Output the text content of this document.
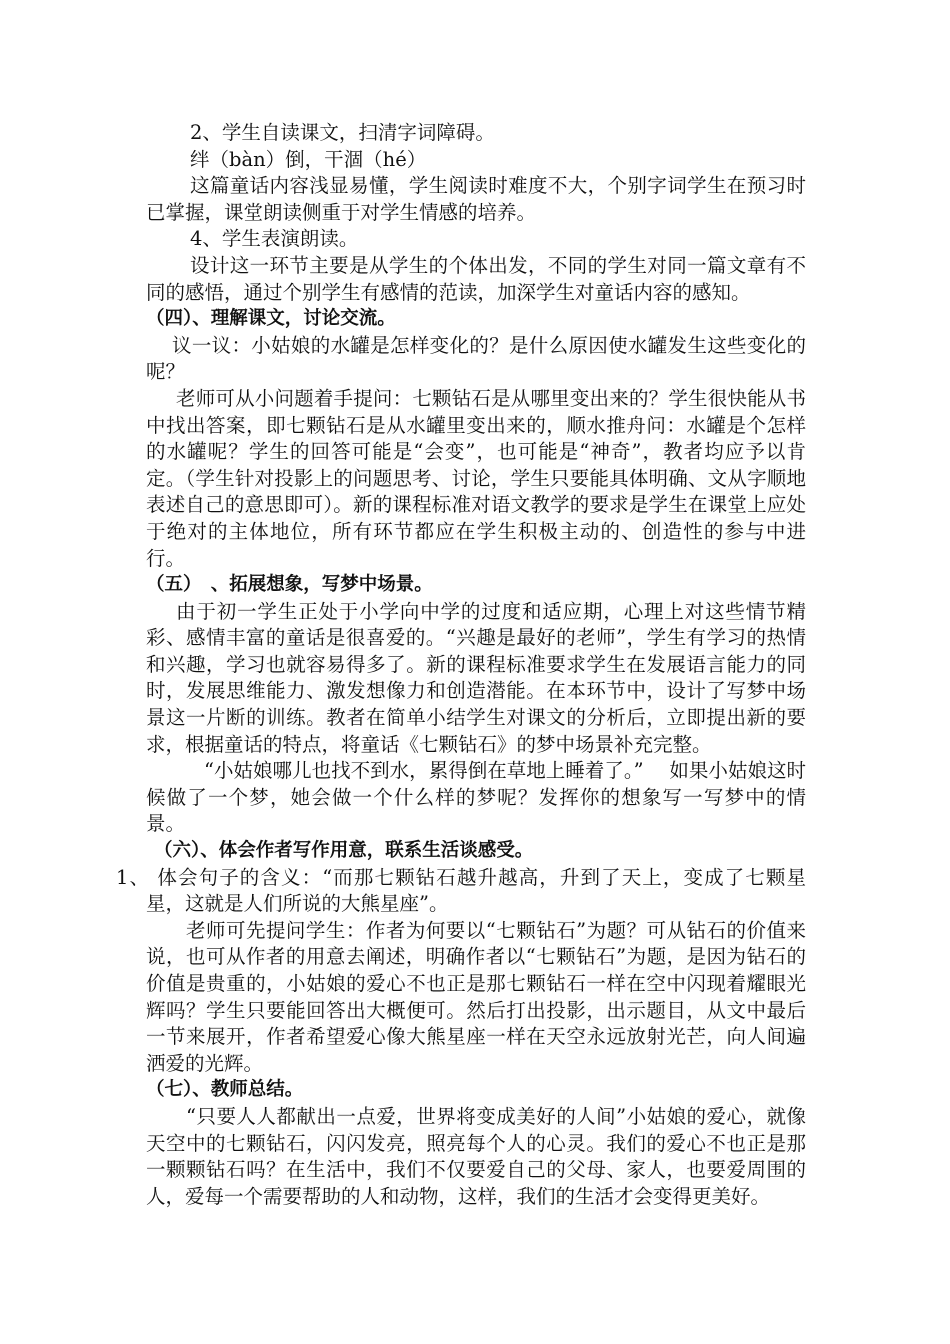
2、学生自读课文，扫清字词障碍。

绊（bàn）倒，干涸（hé）

这篇童话内容浅显易懂，学生阅读时难度不大，个别字词学生在预习时已掌握，课堂朗读侧重于对学生情感的培养。

4、学生表演朗读。

设计这一环节主要是从学生的个体出发，不同的学生对同一篇文章有不同的感悟，通过个别学生有感情的范读，加深学生对童话内容的感知。

（四）、理解课文，讨论交流。

议一议：小姑娘的水罐是怎样变化的？是什么原因使水罐发生这些变化的呢？

老师可从小问题着手提问：七颗钻石是从哪里变出来的？学生很快能从书中找出答案，即七颗钻石是从水罐里变出来的，顺水推舟问：水罐是个怎样的水罐呢？学生的回答可能是“会变”，也可能是“神奇”，教者均应予以肯定。（学生针对投影上的问题思考、讨论，学生只要能具体明确、文从字顺地表述自己的意思即可）。新的课程标准对语文教学的要求是学生在课堂上应处于绝对的主体地位，所有环节都应在学生积极主动的、创造性的参与中进行。

（五）　、拓展想象，写梦中场景。

由于初一学生正处于小学向中学的过度和适应期，心理上对这些情节精彩、感情丰富的童话是很喜爱的。“兴趣是最好的老师”，学生有学习的热情和兴趣，学习也就容易得多了。新的课程标准要求学生在发展语言能力的同时，发展思维能力、激发想像力和创造潜能。在本环节中，设计了写梦中场景这一片断的训练。教者在简单小结学生对课文的分析后，立即提出新的要求，根据童话的特点，将童话《七颗钻石》的梦中场景补充完整。

“小姑娘哪儿也找不到水，累得倒在草地上睡着了。”　 如果小姑娘这时候做了一个梦，她会做一个什么样的梦呢？发挥你的想象写一写梦中的情景。

（六）、体会作者写作用意，联系生活谈感受。

1、 体会句子的含义：“而那七颗钻石越升越高，升到了天上，变成了七颗星星，这就是人们所说的大熊星座”。

老师可先提问学生：作者为何要以“七颗钻石”为题？可从钻石的价值来说，也可从作者的用意去阐述，明确作者以“七颗钻石”为题，是因为钻石的价值是贵重的，小姑娘的爱心不也正是那七颗钻石一样在空中闪现着耀眼光辉吗？学生只要能回答出大概便可。然后打出投影，出示题目，从文中最后一节来展开，作者希望爱心像大熊星座一样在天空永远放射光芒，向人间遍洒爱的光辉。

（七）、教师总结。

“只要人人都献出一点爱，世界将变成美好的人间”小姑娘的爱心，就像天空中的七颗钻石，闪闪发亮，照亮每个人的心灵。我们的爱心不也正是那一颗颗钻石吗？在生活中，我们不仅要爱自己的父母、家人，也要爱周围的人，爱每一个需要帮助的人和动物，这样，我们的生活才会变得更美好。
